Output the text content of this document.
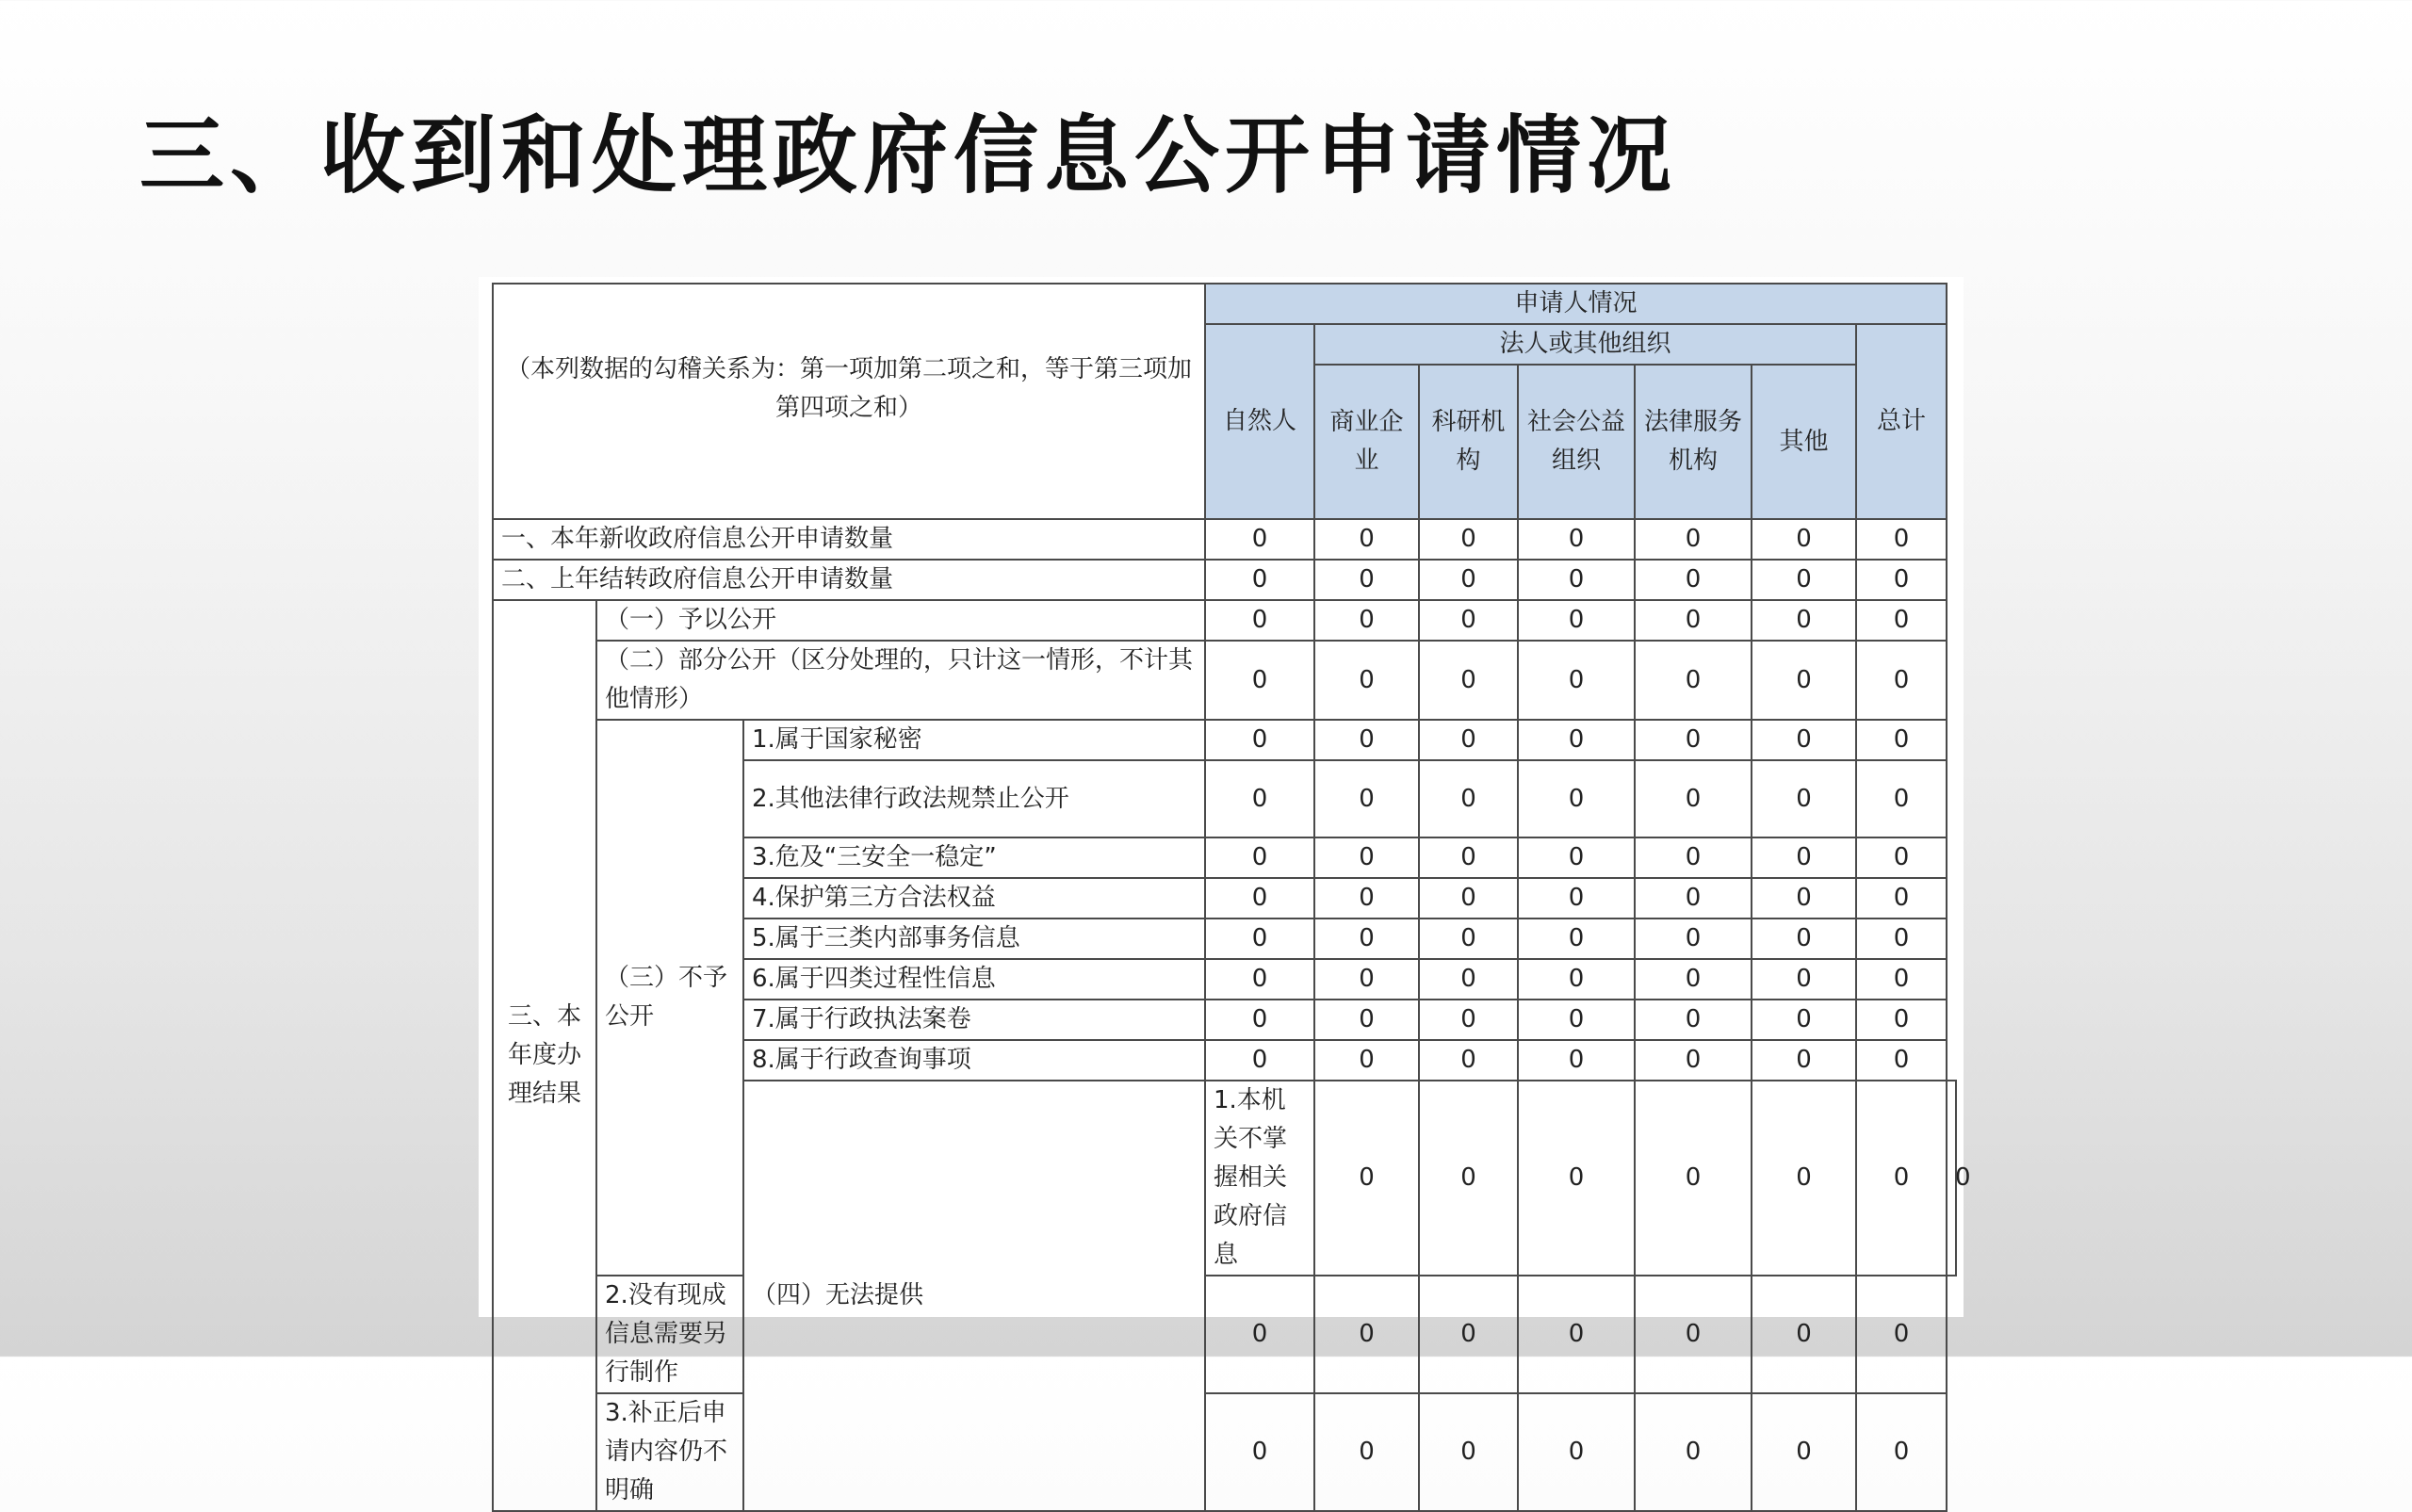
三、收到和处理政府信息公开申请情况
（本列数据的勾稽关系为：第一项加第二项之和，等于第三项加第四项之和）			申请人情况							
			自然人	法人或其他组织					总计	
				商业企业	科研机构	社会公益组织	法律服务机构	其他		
一、本年新收政府信息公开申请数量			0	0	0	0	0	0	0	
二、上年结转政府信息公开申请数量			0	0	0	0	0	0	0	
三、本年度办理结果	（一）予以公开		0	0	0	0	0	0	0	
	（二）部分公开（区分处理的，只计这一情形，不计其他情形）		0	0	0	0	0	0	0	
	（三）不予公开	1.属于国家秘密	0	0	0	0	0	0	0	
		2.其他法律行政法规禁止公开	0	0	0	0	0	0	0	
		3.危及“三安全一稳定”	0	0	0	0	0	0	0	
		4.保护第三方合法权益	0	0	0	0	0	0	0	
		5.属于三类内部事务信息	0	0	0	0	0	0	0	
		6.属于四类过程性信息	0	0	0	0	0	0	0	
		7.属于行政执法案卷	0	0	0	0	0	0	0	
		8.属于行政查询事项	0	0	0	0	0	0	0	
		（四）无法提供	1.本机关不掌握相关政府信息	0	0	0	0	0	0	0
	2.没有现成信息需要另行制作		0	0	0	0	0	0	0	
	3.补正后申请内容仍不明确		0	0	0	0	0	0	0	
